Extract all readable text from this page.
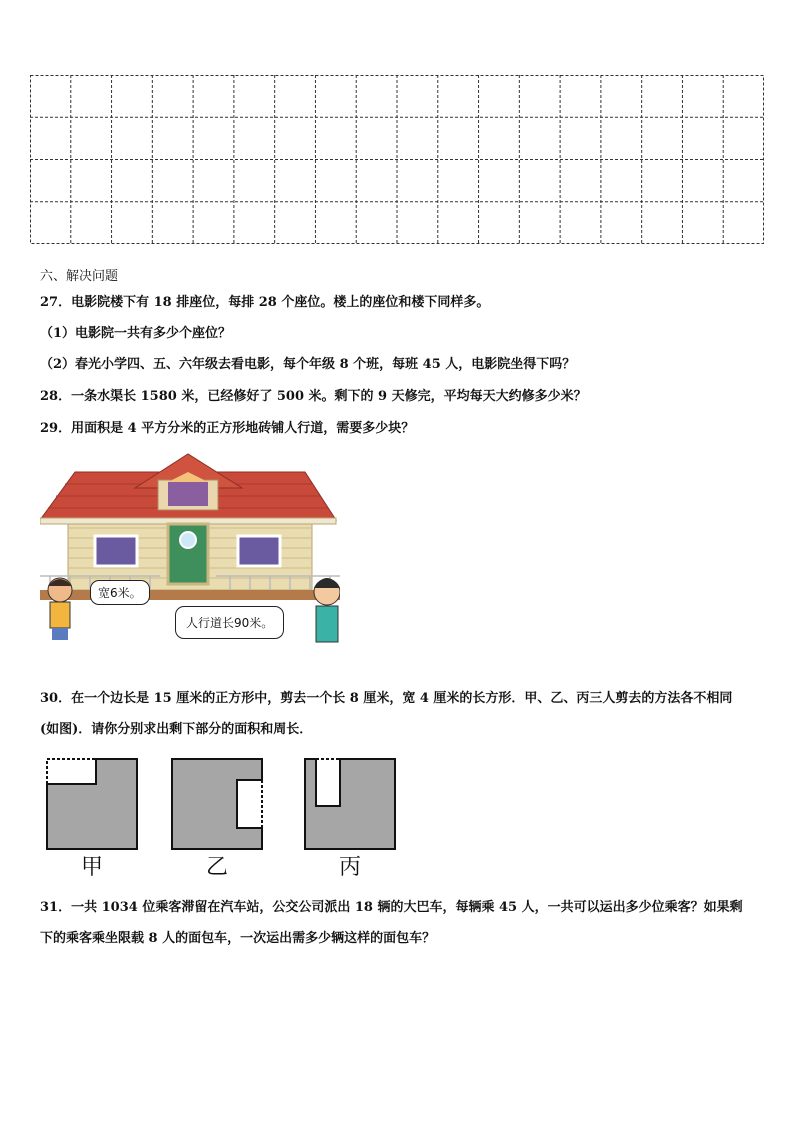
六、解决问题
27．电影院楼下有 18 排座位，每排 28 个座位。楼上的座位和楼下同样多。
（1）电影院一共有多少个座位？
（2）春光小学四、五、六年级去看电影，每个年级 8 个班，每班 45 人，电影院坐得下吗？
28．一条水渠长 1580 米，已经修好了 500 米。剩下的 9 天修完，平均每天大约修多少米？
29．用面积是 4 平方分米的正方形地砖铺人行道，需要多少块？
宽6米。
人行道长90米。
30．在一个边长是 15 厘米的正方形中，剪去一个长 8 厘米，宽 4 厘米的长方形．甲、乙、丙三人剪去的方法各不相同
(如图)．请你分别求出剩下部分的面积和周长．
甲	乙	丙
31．一共 1034 位乘客滞留在汽车站，公交公司派出 18 辆的大巴车，每辆乘 45 人，一共可以运出多少位乘客？如果剩
下的乘客乘坐限载 8 人的面包车，一次运出需多少辆这样的面包车？
